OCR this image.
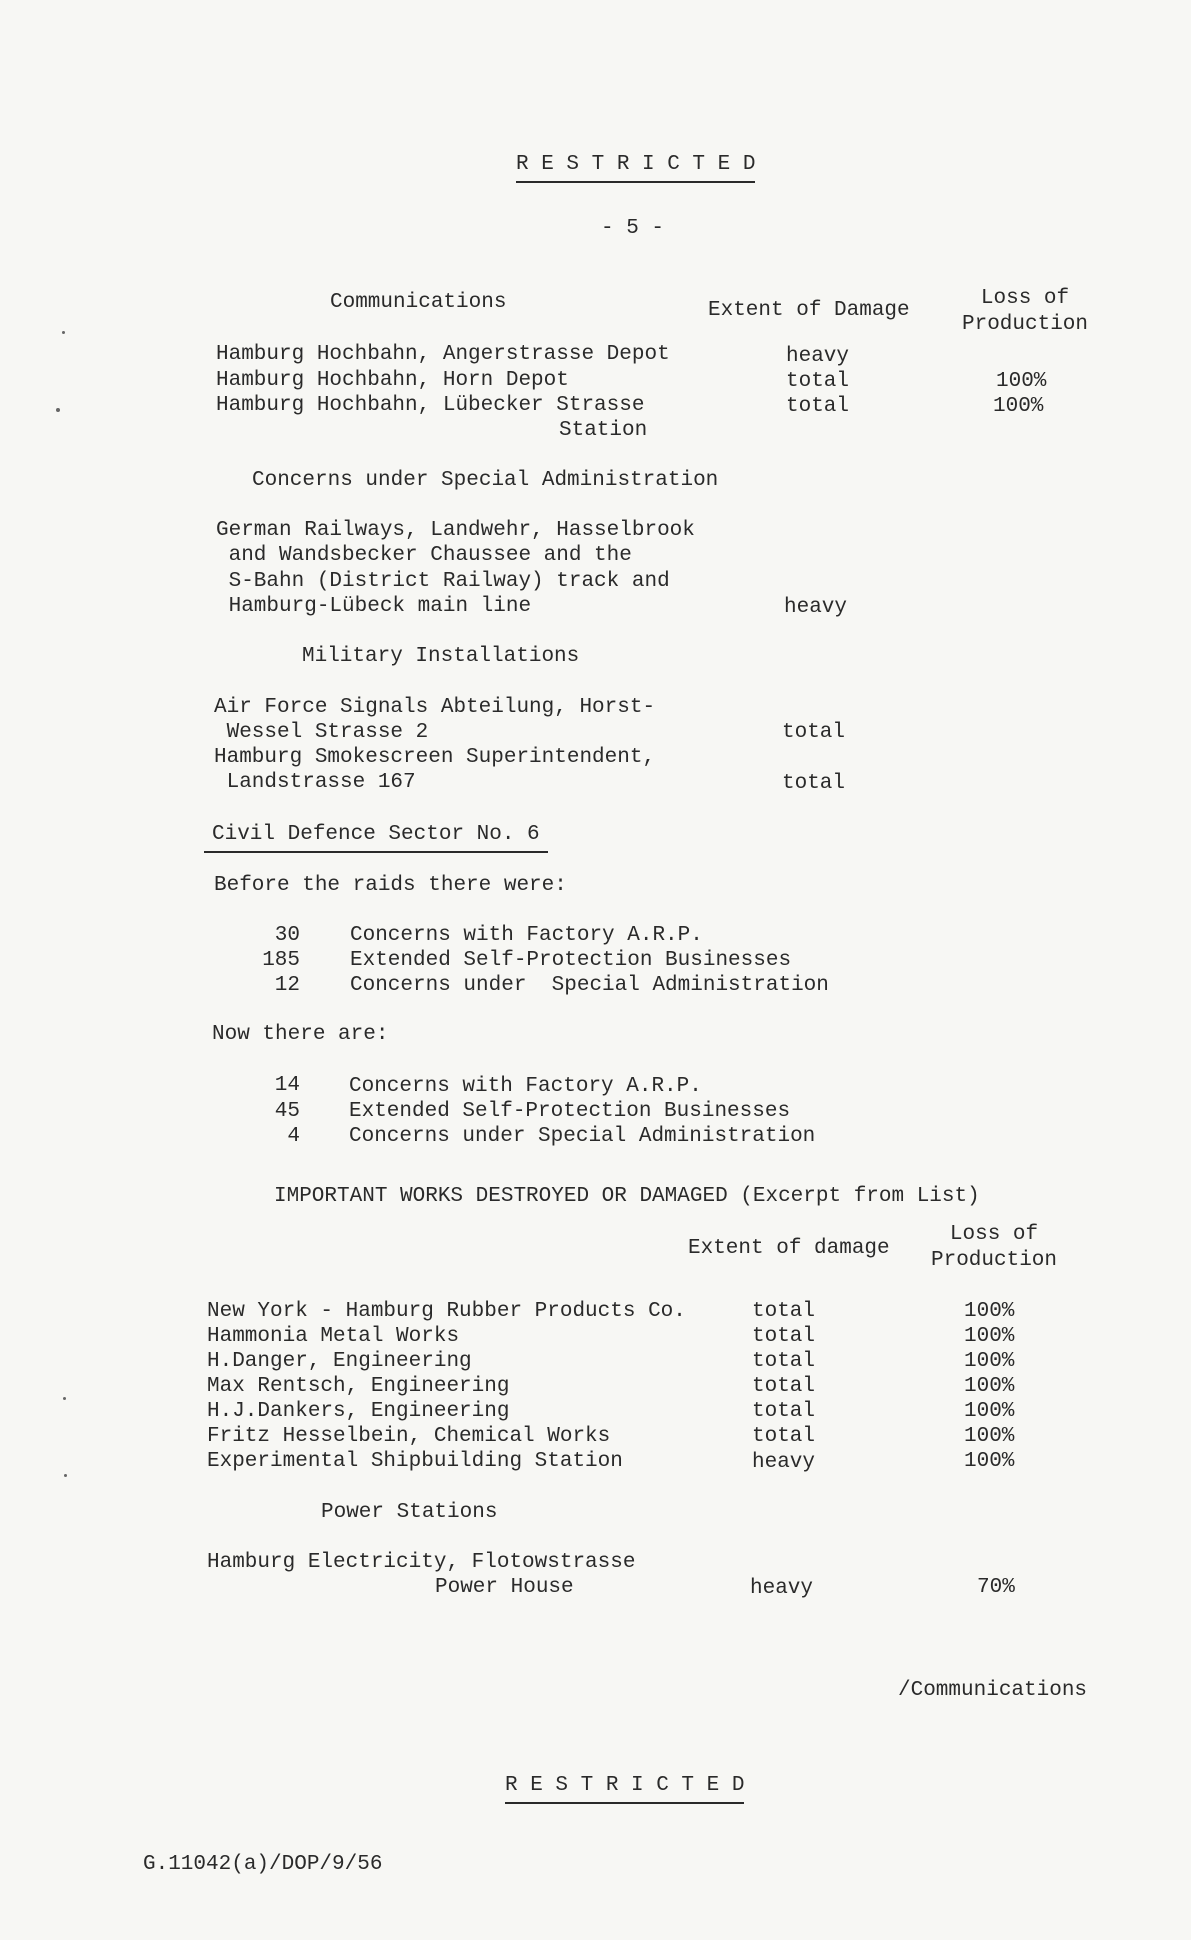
R E S T R I C T E D
- 5 -
Communications	Extent of Damage
Loss of
Production
Hamburg Hochbahn, Angerstrasse Depot	heavy
Hamburg Hochbahn, Horn Depot	total	100%
Hamburg Hochbahn, Lübecker Strasse	total	100%
Station
Concerns under Special Administration
German Railways, Landwehr, Hasselbrook
and Wandsbecker Chaussee and the
S-Bahn (District Railway) track and
Hamburg-Lübeck main line	heavy
Military Installations
Air Force Signals Abteilung, Horst-
Wessel Strasse 2	total
Hamburg Smokescreen Superintendent,
Landstrasse 167	total
Civil Defence Sector No. 6
Before the raids there were:
30 Concerns with Factory A.R.P.
185 Extended Self-Protection Businesses
12 Concerns under  Special Administration
Now there are:
14 Concerns with Factory A.R.P.
45 Extended Self-Protection Businesses
4 Concerns under Special Administration
IMPORTANT WORKS DESTROYED OR DAMAGED (Excerpt from List)
Extent of damage
Loss of
Production
New York - Hamburg Rubber Products Co.	total	100%
Hammonia Metal Works	total	100%
H.Danger, Engineering	total	100%
Max Rentsch, Engineering	total	100%
H.J.Dankers, Engineering	total	100%
Fritz Hesselbein, Chemical Works	total	100%
Experimental Shipbuilding Station	heavy	100%
Power Stations
Hamburg Electricity, Flotowstrasse
Power House	heavy	70%
/Communications
R E S T R I C T E D
G.11042(a)/DOP/9/56
